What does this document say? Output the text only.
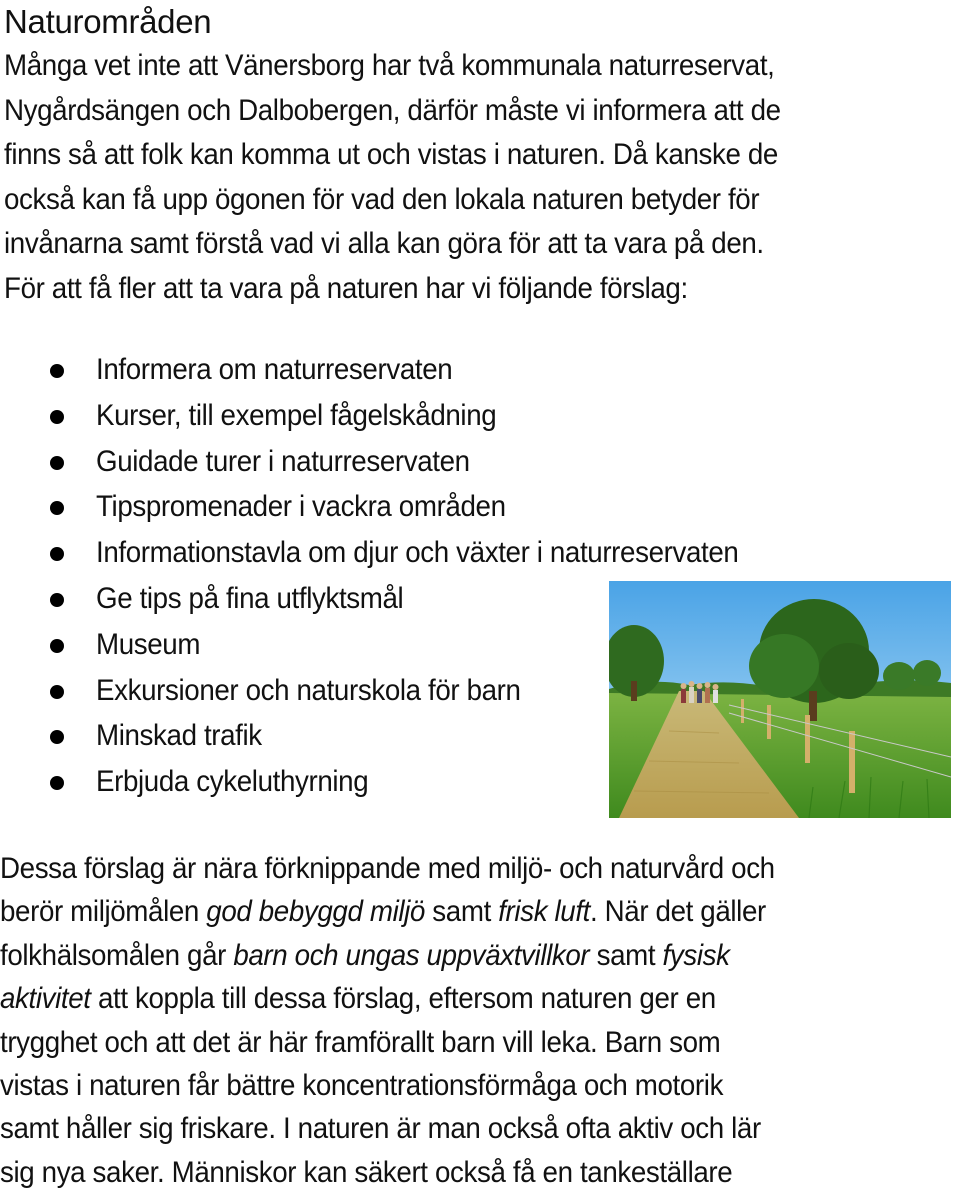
Naturområden

Många vet inte att Vänersborg har två kommunala naturreservat,
Nygårdsängen och Dalbobergen, därför måste vi informera att de
finns så att folk kan komma ut och vistas i naturen. Då kanske de
också kan få upp ögonen för vad den lokala naturen betyder för
invånarna samt förstå vad vi alla kan göra för att ta vara på den.
För att få fler att ta vara på naturen har vi följande förslag:

Informera om naturreservaten
Kurser, till exempel fågelskådning
Guidade turer i naturreservaten
Tipspromenader i vackra områden
Informationstavla om djur och växter i naturreservaten
Ge tips på fina utflyktsmål
Museum
Exkursioner och naturskola för barn
Minskad trafik
Erbjuda cykeluthyrning

Dessa förslag är nära förknippande med miljö- och naturvård och
berör miljömålen god bebyggd miljö samt frisk luft. När det gäller
folkhälsomålen går barn och ungas uppväxtvillkor samt fysisk
aktivitet att koppla till dessa förslag, eftersom naturen ger en
trygghet och att det är här framförallt barn vill leka. Barn som
vistas i naturen får bättre koncentrationsförmåga och motorik
samt håller sig friskare. I naturen är man också ofta aktiv och lär
sig nya saker. Människor kan säkert också få en tankeställare
